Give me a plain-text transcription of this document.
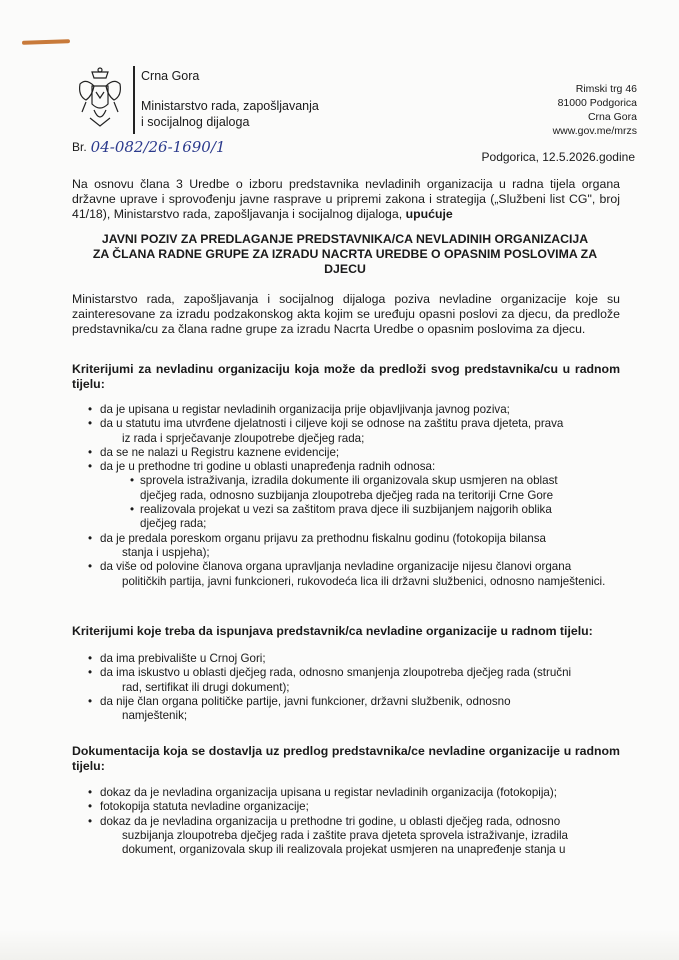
Crna Gora
Ministarstvo rada, zapošljavanja
i socijalnog dijaloga
Rimski trg 46
81000 Podgorica
Crna Gora
www.gov.me/mrzs
Br. 04-082/26-1690/1
Podgorica, 12.5.2026.godine
Na osnovu člana 3 Uredbe o izboru predstavnika nevladinih organizacija u radna tijela organa državne uprave i sprovođenju javne rasprave u pripremi zakona i strategija („Službeni list CG", broj 41/18), Ministarstvo rada, zapošljavanja i socijalnog dijaloga, upućuje
JAVNI POZIV ZA PREDLAGANJE PREDSTAVNIKA/CA NEVLADINIH ORGANIZACIJA
ZA ČLANA RADNE GRUPE ZA IZRADU NACRTA UREDBE O OPASNIM POSLOVIMA ZA
DJECU
Ministarstvo rada, zapošljavanja i socijalnog dijaloga poziva nevladine organizacije koje su zainteresovane za izradu podzakonskog akta kojim se uređuju opasni poslovi za djecu, da predlože predstavnika/cu za člana radne grupe za izradu Nacrta Uredbe o opasnim poslovima za djecu.
Kriterijumi za nevladinu organizaciju koja može da predloži svog predstavnika/cu u radnom tijelu:
• da je upisana u registar nevladinih organizacija prije objavljivanja javnog poziva;
• da u statutu ima utvrđene djelatnosti i ciljeve koji se odnose na zaštitu prava djeteta, prava
iz rada i sprječavanje zloupotrebe dječjeg rada;
• da se ne nalazi u Registru kaznene evidencije;
• da je u prethodne tri godine u oblasti unapređenja radnih odnosa:
• sprovela istraživanja, izradila dokumente ili organizovala skup usmjeren na oblast
dječjeg rada, odnosno suzbijanja zloupotreba dječjeg rada na teritoriji Crne Gore
• realizovala projekat u vezi sa zaštitom prava djece ili suzbijanjem najgorih oblika
dječjeg rada;
• da je predala poreskom organu prijavu za prethodnu fiskalnu godinu (fotokopija bilansa
stanja i uspjeha);
• da više od polovine članova organa upravljanja nevladine organizacije nijesu članovi organa
političkih partija, javni funkcioneri, rukovodeća lica ili državni službenici, odnosno namještenici.
Kriterijumi koje treba da ispunjava predstavnik/ca nevladine organizacije u radnom tijelu:
• da ima prebivalište u Crnoj Gori;
• da ima iskustvo u oblasti dječjeg rada, odnosno smanjenja zloupotreba dječjeg rada (stručni
rad, sertifikat ili drugi dokument);
• da nije član organa političke partije, javni funkcioner, državni službenik, odnosno
namještenik;
Dokumentacija koja se dostavlja uz predlog predstavnika/ce nevladine organizacije u radnom tijelu:
• dokaz da je nevladina organizacija upisana u registar nevladinih organizacija (fotokopija);
• fotokopija statuta nevladine organizacije;
• dokaz da je nevladina organizacija u prethodne tri godine, u oblasti dječjeg rada, odnosno
suzbijanja zloupotreba dječjeg rada i zaštite prava djeteta sprovela istraživanje, izradila dokument, organizovala skup ili realizovala projekat usmjeren na unapređenje stanja u
